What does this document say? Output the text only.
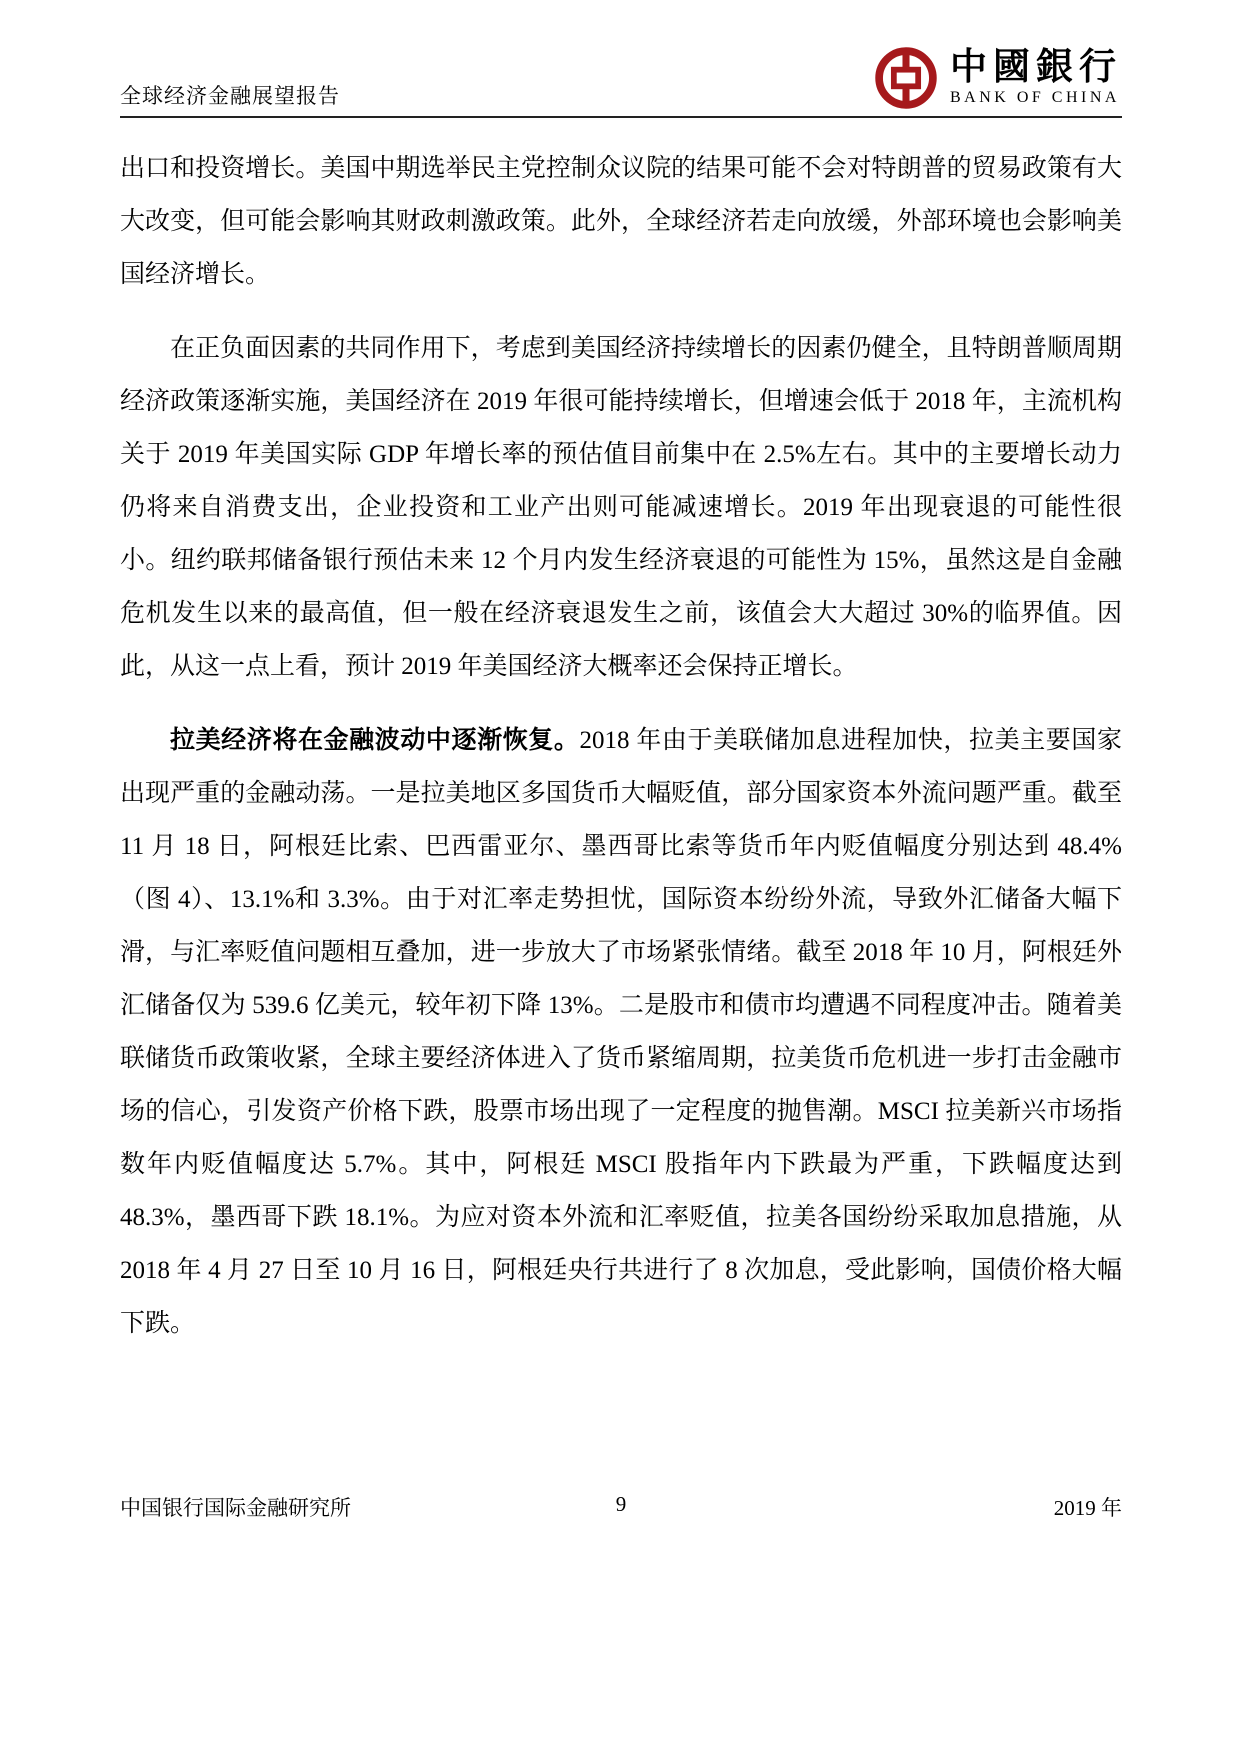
全球经济金融展望报告
中國銀行
BANK OF CHINA

出口和投资增长。美国中期选举民主党控制众议院的结果可能不会对特朗普的贸易政策有大大改变，但可能会影响其财政刺激政策。此外，全球经济若走向放缓，外部环境也会影响美国经济增长。

在正负面因素的共同作用下，考虑到美国经济持续增长的因素仍健全，且特朗普顺周期经济政策逐渐实施，美国经济在 2019 年很可能持续增长，但增速会低于 2018 年，主流机构关于 2019 年美国实际 GDP 年增长率的预估值目前集中在 2.5%左右。其中的主要增长动力仍将来自消费支出，企业投资和工业产出则可能减速增长。2019 年出现衰退的可能性很小。纽约联邦储备银行预估未来 12 个月内发生经济衰退的可能性为 15%，虽然这是自金融危机发生以来的最高值，但一般在经济衰退发生之前，该值会大大超过 30%的临界值。因此，从这一点上看，预计 2019 年美国经济大概率还会保持正增长。

拉美经济将在金融波动中逐渐恢复。2018 年由于美联储加息进程加快，拉美主要国家出现严重的金融动荡。一是拉美地区多国货币大幅贬值，部分国家资本外流问题严重。截至 11 月 18 日，阿根廷比索、巴西雷亚尔、墨西哥比索等货币年内贬值幅度分别达到 48.4%（图 4）、13.1%和 3.3%。由于对汇率走势担忧，国际资本纷纷外流，导致外汇储备大幅下滑，与汇率贬值问题相互叠加，进一步放大了市场紧张情绪。截至 2018 年 10 月，阿根廷外汇储备仅为 539.6 亿美元，较年初下降 13%。二是股市和债市均遭遇不同程度冲击。随着美联储货币政策收紧，全球主要经济体进入了货币紧缩周期，拉美货币危机进一步打击金融市场的信心，引发资产价格下跌，股票市场出现了一定程度的抛售潮。MSCI 拉美新兴市场指数年内贬值幅度达 5.7%。其中，阿根廷 MSCI 股指年内下跌最为严重，下跌幅度达到 48.3%，墨西哥下跌 18.1%。为应对资本外流和汇率贬值，拉美各国纷纷采取加息措施，从 2018 年 4 月 27 日至 10 月 16 日，阿根廷央行共进行了 8 次加息，受此影响，国债价格大幅下跌。

9
中国银行国际金融研究所	2019 年
